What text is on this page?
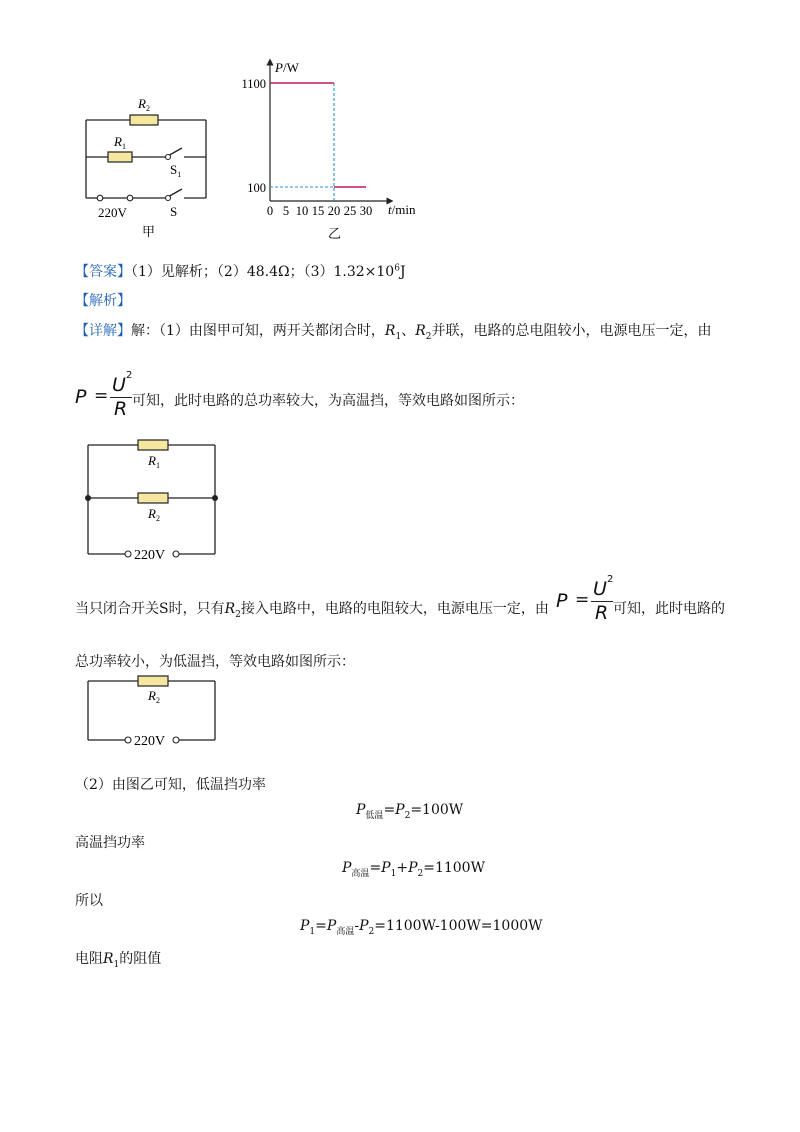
$R_2$
$R_1$
$S_1$
S
220V
甲
P/W
1100
100
0 5 10 15 20 25 30 t/min
乙
【答案】（1）见解析；（2）48.4Ω；$(3)1.32\times 10^6J$
【解析】
【详解】解：（1）由图甲可知，两开关都闭合时，$R_1$、$R_2$并联，电路的总电阻较小，电源电压一定，由
P = U 2
R 可知，此时电路的总功率较大，为高温挡，等效电路如图所示：
$R_1$
$R_2$
220V
当只闭合开关S时，只有$R_2$接入电路中，电路的电阻较大，电源电压一定，由 P = U 2
R 可知，此时电路的
总功率较小，为低温挡，等效电路如图所示：
$R_2$
220V
（2）由图乙可知，低温挡功率
$P_{低温}=P_2=100W$
高温挡功率
$P_{高温}=P_1+P_2=1100W$
所以
$P_1=P_{高温}-P_2=1100W-100W=1000W$
电阻$R_1$的阻值
